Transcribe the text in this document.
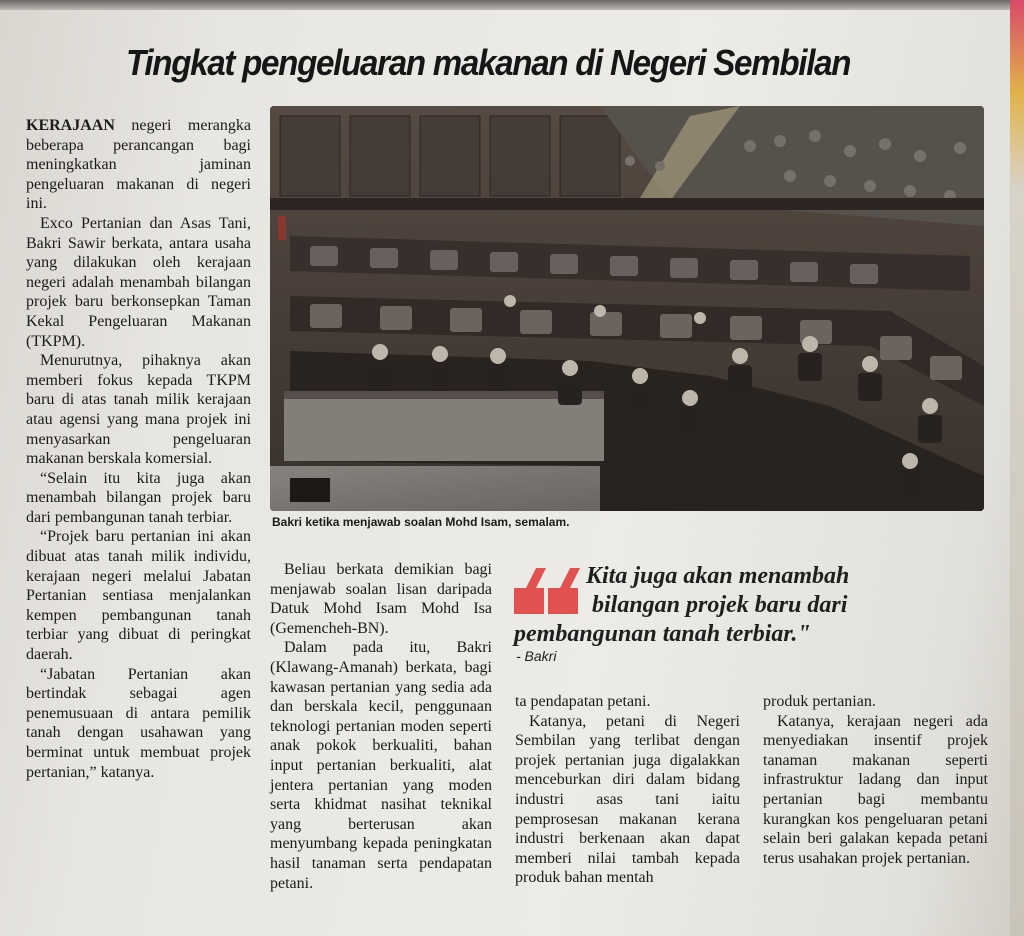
Tingkat pengeluaran makanan di Negeri Sembilan

KERAJAAN negeri merangka beberapa perancangan bagi meningkatkan jaminan pengeluaran makanan di negeri ini.

Exco Pertanian dan Asas Tani, Bakri Sawir berkata, antara usaha yang dilakukan oleh kerajaan negeri adalah menambah bilangan projek baru berkonsepkan Taman Kekal Pengeluaran Makanan (TKPM).

Menurutnya, pihaknya akan memberi fokus kepada TKPM baru di atas tanah milik kerajaan atau agensi yang mana projek ini menyasarkan pengeluaran makanan berskala komersial.

“Selain itu kita juga akan menambah bilangan projek baru dari pembangunan tanah terbiar.

“Projek baru pertanian ini akan dibuat atas tanah milik individu, kerajaan negeri melalui Jabatan Pertanian sentiasa menjalankan kempen pembangunan tanah terbiar yang dibuat di peringkat daerah.

“Jabatan Pertanian akan bertindak sebagai agen penemusuaan di antara pemilik tanah dengan usahawan yang berminat untuk membuat projek pertanian,” katanya.

Bakri ketika menjawab soalan Mohd Isam, semalam.

Beliau berkata demikian bagi menjawab soalan lisan daripada Datuk Mohd Isam Mohd Isa (Gemencheh-BN).

Dalam pada itu, Bakri (Klawang-Amanah) berkata, bagi kawasan pertanian yang sedia ada dan berskala kecil, penggunaan teknologi pertanian moden seperti anak pokok berkualiti, bahan input pertanian berkualiti, alat jentera pertanian yang moden serta khidmat nasihat teknikal yang berterusan akan menyumbang kepada peningkatan hasil tanaman serta pendapatan petani.

Kita juga akan menambah
bilangan projek baru dari
pembangunan tanah terbiar."
- Bakri

ta pendapatan petani.

Katanya, petani di Negeri Sembilan yang terlibat dengan projek pertanian juga digalakkan menceburkan diri dalam bidang industri asas tani iaitu pemprosesan makanan kerana industri berkenaan akan dapat memberi nilai tambah kepada produk bahan mentah

produk pertanian.

Katanya, kerajaan negeri ada menyediakan insentif projek tanaman makanan seperti infrastruktur ladang dan input pertanian bagi membantu kurangkan kos pengeluaran petani selain beri galakan kepada petani terus usahakan projek pertanian.
